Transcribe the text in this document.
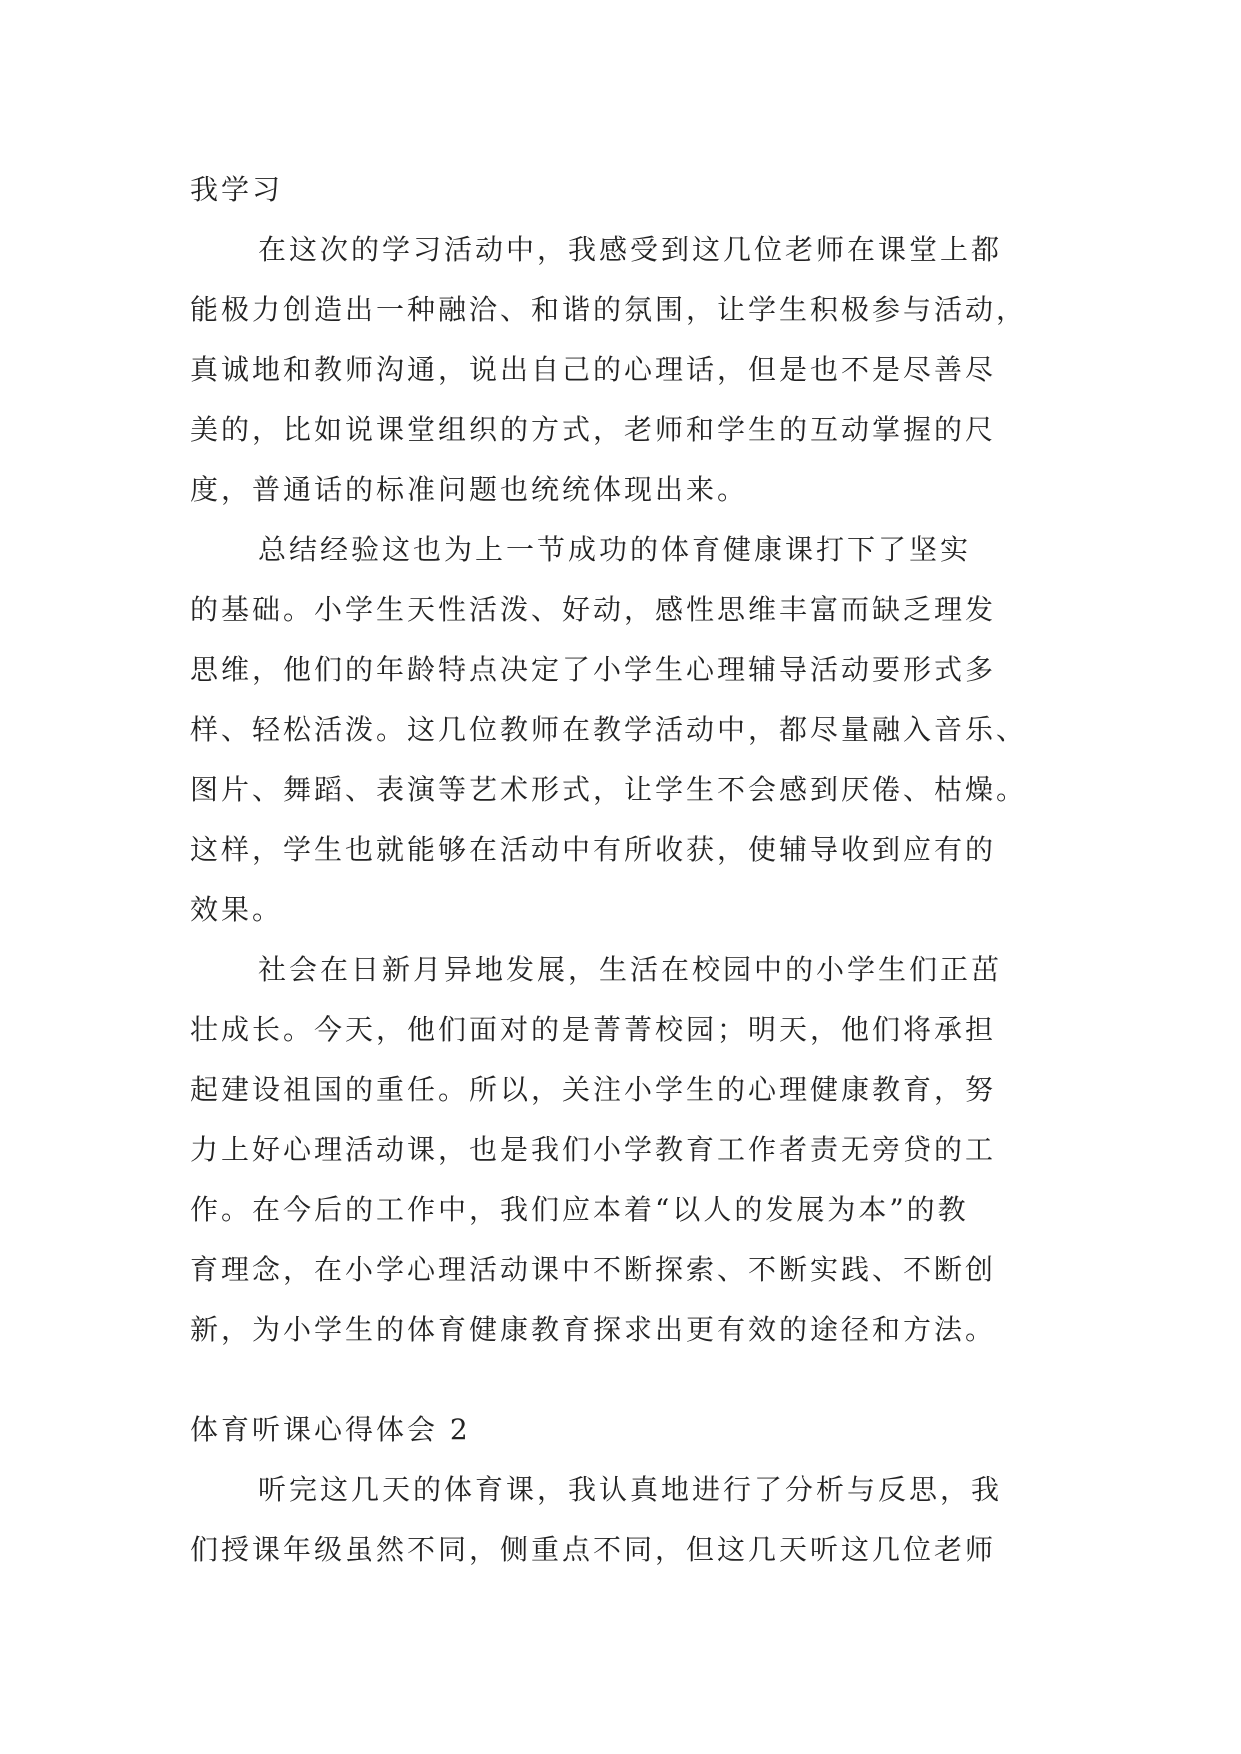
我学习
在这次的学习活动中，我感受到这几位老师在课堂上都
能极力创造出一种融洽、和谐的氛围，让学生积极参与活动，
真诚地和教师沟通，说出自己的心理话，但是也不是尽善尽
美的，比如说课堂组织的方式，老师和学生的互动掌握的尺
度，普通话的标准问题也统统体现出来。
总结经验这也为上一节成功的体育健康课打下了坚实
的基础。小学生天性活泼、好动，感性思维丰富而缺乏理发
思维，他们的年龄特点决定了小学生心理辅导活动要形式多
样、轻松活泼。这几位教师在教学活动中，都尽量融入音乐、
图片、舞蹈、表演等艺术形式，让学生不会感到厌倦、枯燥。
这样，学生也就能够在活动中有所收获，使辅导收到应有的
效果。
社会在日新月异地发展，生活在校园中的小学生们正茁
壮成长。今天，他们面对的是菁菁校园；明天，他们将承担
起建设祖国的重任。所以，关注小学生的心理健康教育，努
力上好心理活动课，也是我们小学教育工作者责无旁贷的工
作。在今后的工作中，我们应本着“以人的发展为本”的教
育理念，在小学心理活动课中不断探索、不断实践、不断创
新，为小学生的体育健康教育探求出更有效的途径和方法。
体育听课心得体会 2
听完这几天的体育课，我认真地进行了分析与反思，我
们授课年级虽然不同，侧重点不同，但这几天听这几位老师
